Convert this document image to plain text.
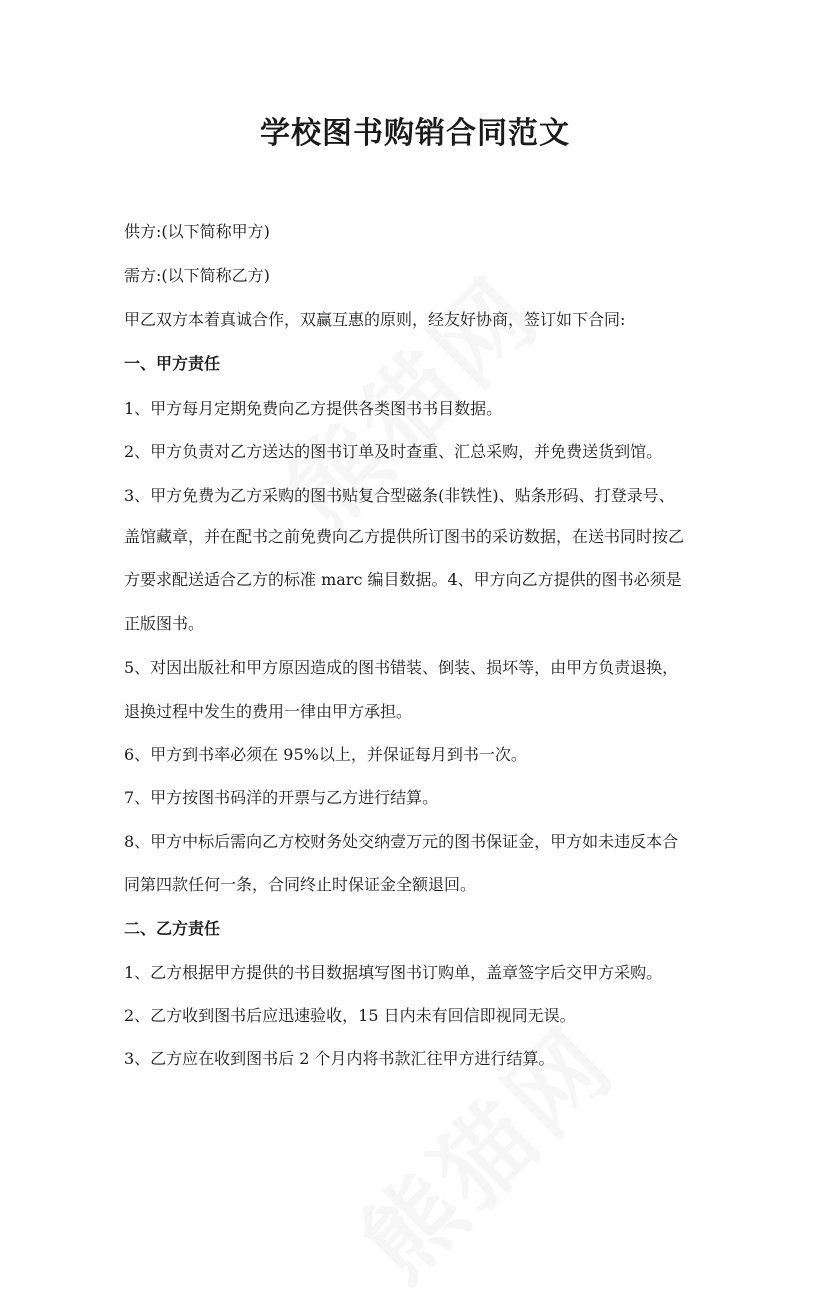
学校图书购销合同范文

供方:(以下简称甲方)

需方:(以下简称乙方)

甲乙双方本着真诚合作，双赢互惠的原则，经友好协商，签订如下合同:

一、甲方责任

1、甲方每月定期免费向乙方提供各类图书书目数据。

2、甲方负责对乙方送达的图书订单及时查重、汇总采购，并免费送货到馆。

3、甲方免费为乙方采购的图书贴复合型磁条(非铁性)、贴条形码、打登录号、

盖馆藏章，并在配书之前免费向乙方提供所订图书的采访数据，在送书同时按乙

方要求配送适合乙方的标准 marc 编目数据。4、甲方向乙方提供的图书必须是

正版图书。

5、对因出版社和甲方原因造成的图书错装、倒装、损坏等，由甲方负责退换，

退换过程中发生的费用一律由甲方承担。

6、甲方到书率必须在 95%以上，并保证每月到书一次。

7、甲方按图书码洋的开票与乙方进行结算。

8、甲方中标后需向乙方校财务处交纳壹万元的图书保证金，甲方如未违反本合

同第四款任何一条，合同终止时保证金全额退回。

二、乙方责任

1、乙方根据甲方提供的书目数据填写图书订购单，盖章签字后交甲方采购。

2、乙方收到图书后应迅速验收，15 日内未有回信即视同无误。

3、乙方应在收到图书后 2 个月内将书款汇往甲方进行结算。
